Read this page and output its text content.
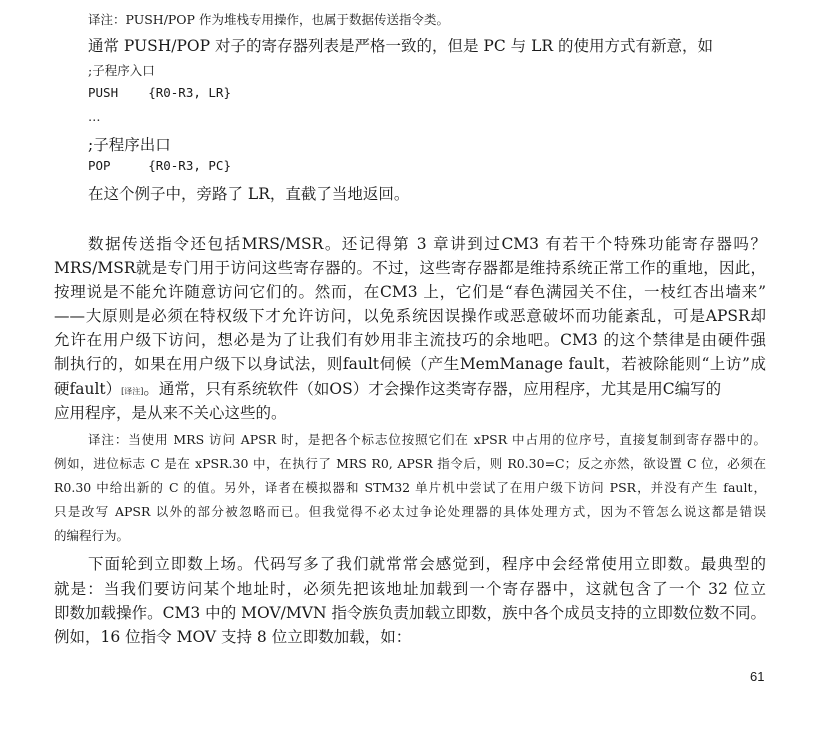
译注：PUSH/POP 作为堆栈专用操作，也属于数据传送指令类。

通常 PUSH/POP 对子的寄存器列表是严格一致的，但是 PC 与 LR 的使用方式有新意，如

;子程序入口

PUSH    {R0-R3, LR}

…

;子程序出口

POP     {R0-R3, PC}

在这个例子中，旁路了 LR，直截了当地返回。

数据传送指令还包括MRS/MSR。还记得第 3 章讲到过CM3 有若干个特殊功能寄存器吗？

MRS/MSR就是专门用于访问这些寄存器的。不过，这些寄存器都是维持系统正常工作的重地，因此，

按理说是不能允许随意访问它们的。然而，在CM3 上，它们是“春色满园关不住，一枝红杏出墙来”

——大原则是必须在特权级下才允许访问，以免系统因误操作或恶意破坏而功能紊乱，可是APSR却

允许在用户级下访问，想必是为了让我们有妙用非主流技巧的余地吧。CM3 的这个禁律是由硬件强

制执行的，如果在用户级下以身试法，则fault伺候（产生MemManage fault，若被除能则“上访”成

硬fault）[译注]。通常，只有系统软件（如OS）才会操作这类寄存器，应用程序，尤其是用C编写的

应用程序，是从来不关心这些的。

译注：当使用 MRS 访问 APSR 时，是把各个标志位按照它们在 xPSR 中占用的位序号，直接复制到寄存器中的。

例如，进位标志 C 是在 xPSR.30 中，在执行了 MRS R0, APSR 指令后，则 R0.30=C；反之亦然，欲设置 C 位，必须在

R0.30 中给出新的 C 的值。另外，译者在模拟器和 STM32 单片机中尝试了在用户级下访问 PSR，并没有产生 fault，

只是改写 APSR 以外的部分被忽略而已。但我觉得不必太过争论处理器的具体处理方式，因为不管怎么说这都是错误

的编程行为。

下面轮到立即数上场。代码写多了我们就常常会感觉到，程序中会经常使用立即数。最典型的

就是：当我们要访问某个地址时，必须先把该地址加载到一个寄存器中，这就包含了一个 32 位立

即数加载操作。CM3 中的 MOV/MVN 指令族负责加载立即数，族中各个成员支持的立即数位数不同。

例如，16 位指令 MOV 支持 8 位立即数加载，如：

61
